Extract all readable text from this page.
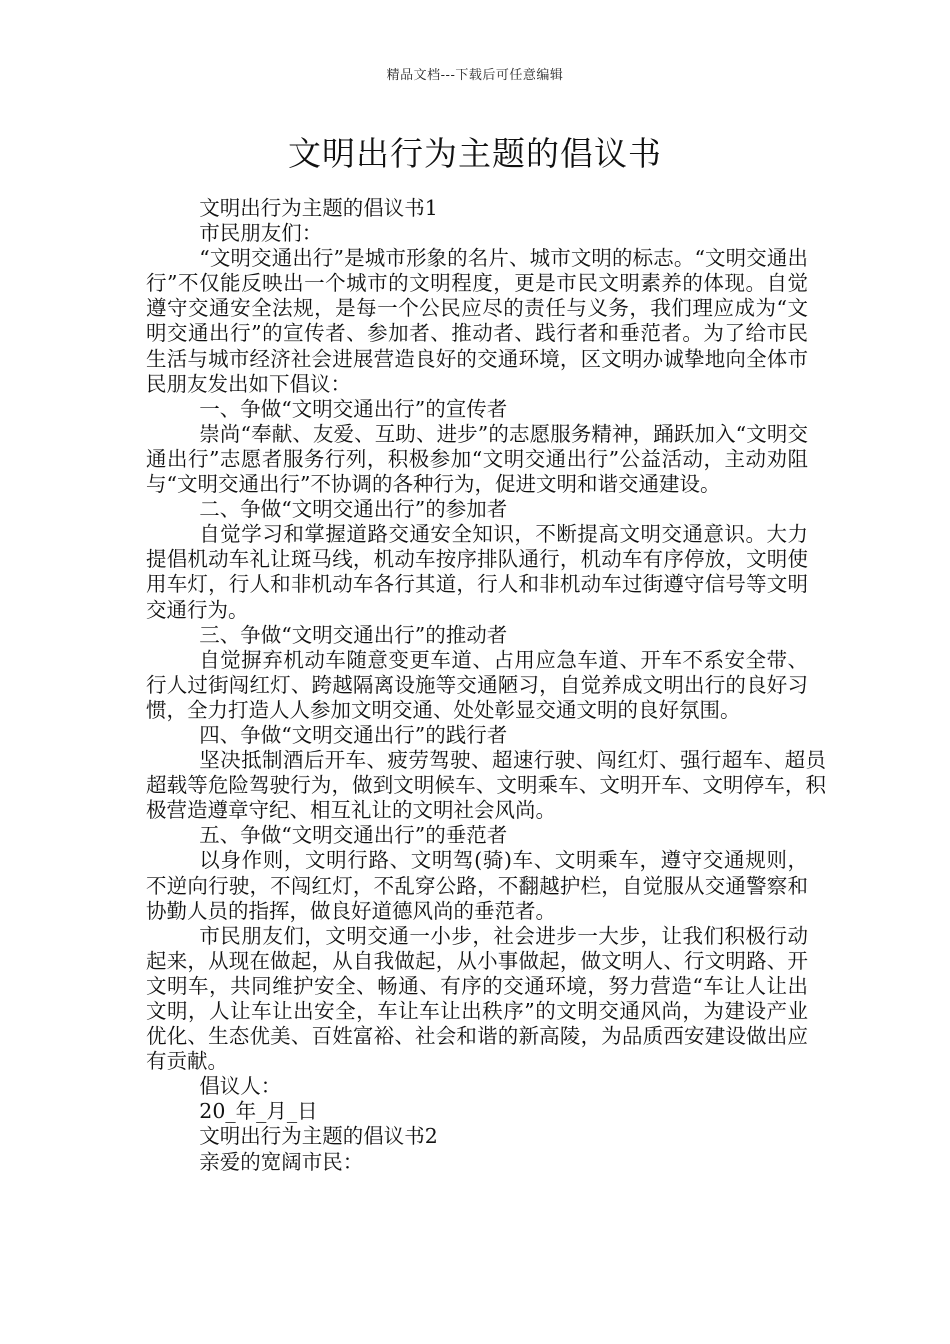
精品文档---下载后可任意编辑
文明出行为主题的倡议书

文明出行为主题的倡议书1

市民朋友们：

“文明交通出行”是城市形象的名片、城市文明的标志。“文明交通出行”不仅能反映出一个城市的文明程度，更是市民文明素养的体现。自觉遵守交通安全法规，是每一个公民应尽的责任与义务，我们理应成为“文明交通出行”的宣传者、参加者、推动者、践行者和垂范者。为了给市民生活与城市经济社会进展营造良好的交通环境，区文明办诚挚地向全体市民朋友发出如下倡议：

一、争做“文明交通出行”的宣传者

崇尚“奉献、友爱、互助、进步”的志愿服务精神，踊跃加入“文明交通出行”志愿者服务行列，积极参加“文明交通出行”公益活动，主动劝阻与“文明交通出行”不协调的各种行为，促进文明和谐交通建设。

二、争做“文明交通出行”的参加者

自觉学习和掌握道路交通安全知识，不断提高文明交通意识。大力提倡机动车礼让斑马线，机动车按序排队通行，机动车有序停放，文明使用车灯，行人和非机动车各行其道，行人和非机动车过街遵守信号等文明交通行为。

三、争做“文明交通出行”的推动者

自觉摒弃机动车随意变更车道、占用应急车道、开车不系安全带、行人过街闯红灯、跨越隔离设施等交通陋习，自觉养成文明出行的良好习惯，全力打造人人参加文明交通、处处彰显交通文明的良好氛围。

四、争做“文明交通出行”的践行者

坚决抵制酒后开车、疲劳驾驶、超速行驶、闯红灯、强行超车、超员超载等危险驾驶行为，做到文明候车、文明乘车、文明开车、文明停车，积极营造遵章守纪、相互礼让的文明社会风尚。

五、争做“文明交通出行”的垂范者

以身作则，文明行路、文明驾(骑)车、文明乘车，遵守交通规则，不逆向行驶，不闯红灯，不乱穿公路，不翻越护栏，自觉服从交通警察和协勤人员的指挥，做良好道德风尚的垂范者。

市民朋友们，文明交通一小步，社会进步一大步，让我们积极行动起来，从现在做起，从自我做起，从小事做起，做文明人、行文明路、开文明车，共同维护安全、畅通、有序的交通环境，努力营造“车让人让出文明，人让车让出安全，车让车让出秩序”的文明交通风尚，为建设产业优化、生态优美、百姓富裕、社会和谐的新高陵，为品质西安建设做出应有贡献。

倡议人：

20_年_月_日

文明出行为主题的倡议书2

亲爱的宽阔市民：
